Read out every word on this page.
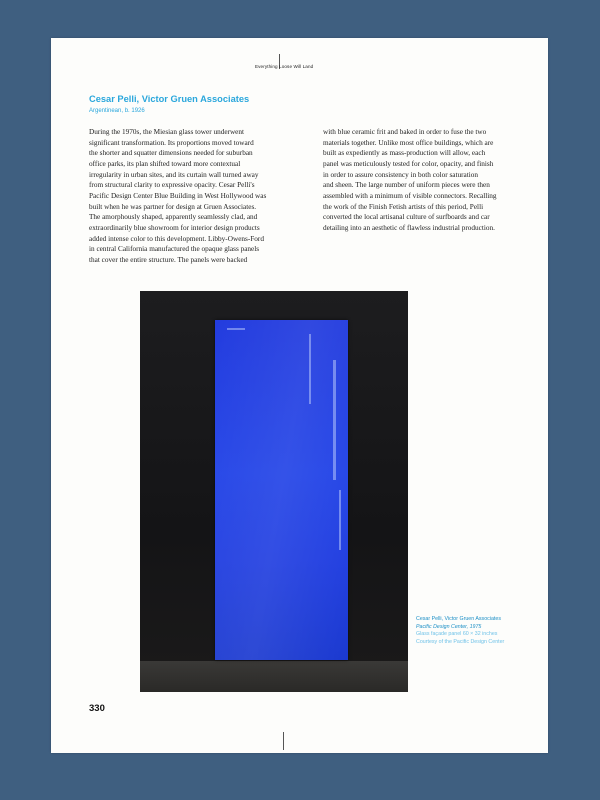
Everything Loose Will Land
Cesar Pelli, Victor Gruen Associates
Argentinean, b. 1926
During the 1970s, the Miesian glass tower underwent
significant transformation. Its proportions moved toward
the shorter and squatter dimensions needed for suburban
office parks, its plan shifted toward more contextual
irregularity in urban sites, and its curtain wall turned away
from structural clarity to expressive opacity. Cesar Pelli's
Pacific Design Center Blue Building in West Hollywood was
built when he was partner for design at Gruen Associates.
The amorphously shaped, apparently seamlessly clad, and
extraordinarily blue showroom for interior design products
added intense color to this development. Libby-Owens-Ford
in central California manufactured the opaque glass panels
that cover the entire structure. The panels were backed
with blue ceramic frit and baked in order to fuse the two
materials together. Unlike most office buildings, which are
built as expediently as mass-production will allow, each
panel was meticulously tested for color, opacity, and finish
in order to assure consistency in both color saturation
and sheen. The large number of uniform pieces were then
assembled with a minimum of visible connectors. Recalling
the work of the Finish Fetish artists of this period, Pelli
converted the local artisanal culture of surfboards and car
detailing into an aesthetic of flawless industrial production.
Cesar Pelli, Victor Gruen Associates
Pacific Design Center, 1975
Glass façade panel 60 × 32 inches
Courtesy of the Pacific Design Center
330
